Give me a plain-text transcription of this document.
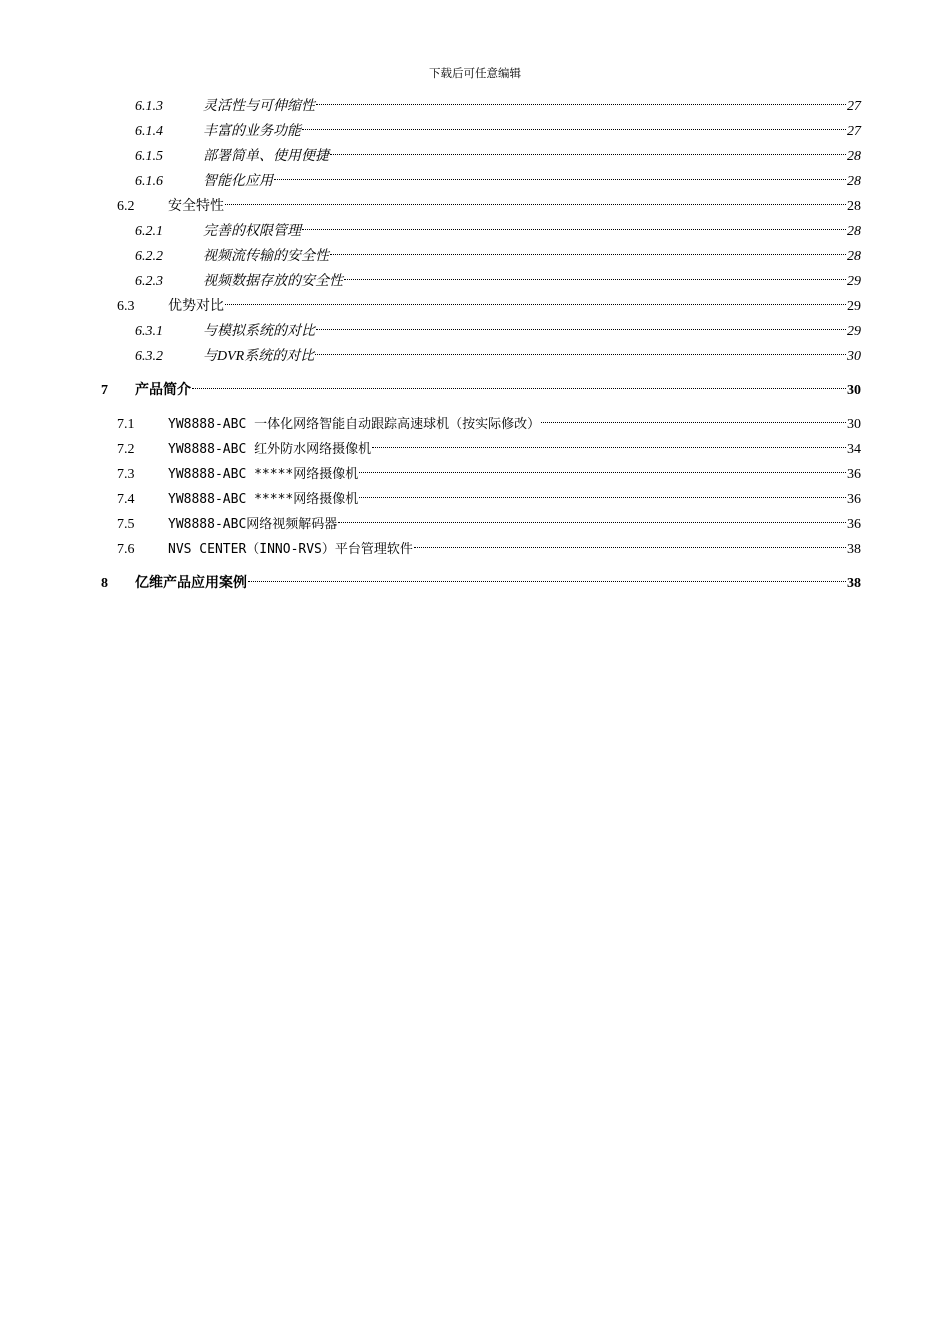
下载后可任意编辑
6.1.3	灵活性与可伸缩性	27
6.1.4	丰富的业务功能	27
6.1.5	部署简单、使用便捷	28
6.1.6	智能化应用	28
6.2	安全特性	28
6.2.1	完善的权限管理	28
6.2.2	视频流传输的安全性	28
6.2.3	视频数据存放的安全性	29
6.3	优势对比	29
6.3.1	与模拟系统的对比	29
6.3.2	与DVR系统的对比	30
7	产品简介	30
7.1	YW8888-ABC 一体化网络智能自动跟踪高速球机（按实际修改）	30
7.2	YW8888-ABC 红外防水网络摄像机	34
7.3	YW8888-ABC *****网络摄像机	36
7.4	YW8888-ABC *****网络摄像机	36
7.5	YW8888-ABC网络视频解码器	36
7.6	NVS CENTER（INNO-RVS）平台管理软件	38
8	亿维产品应用案例	38
